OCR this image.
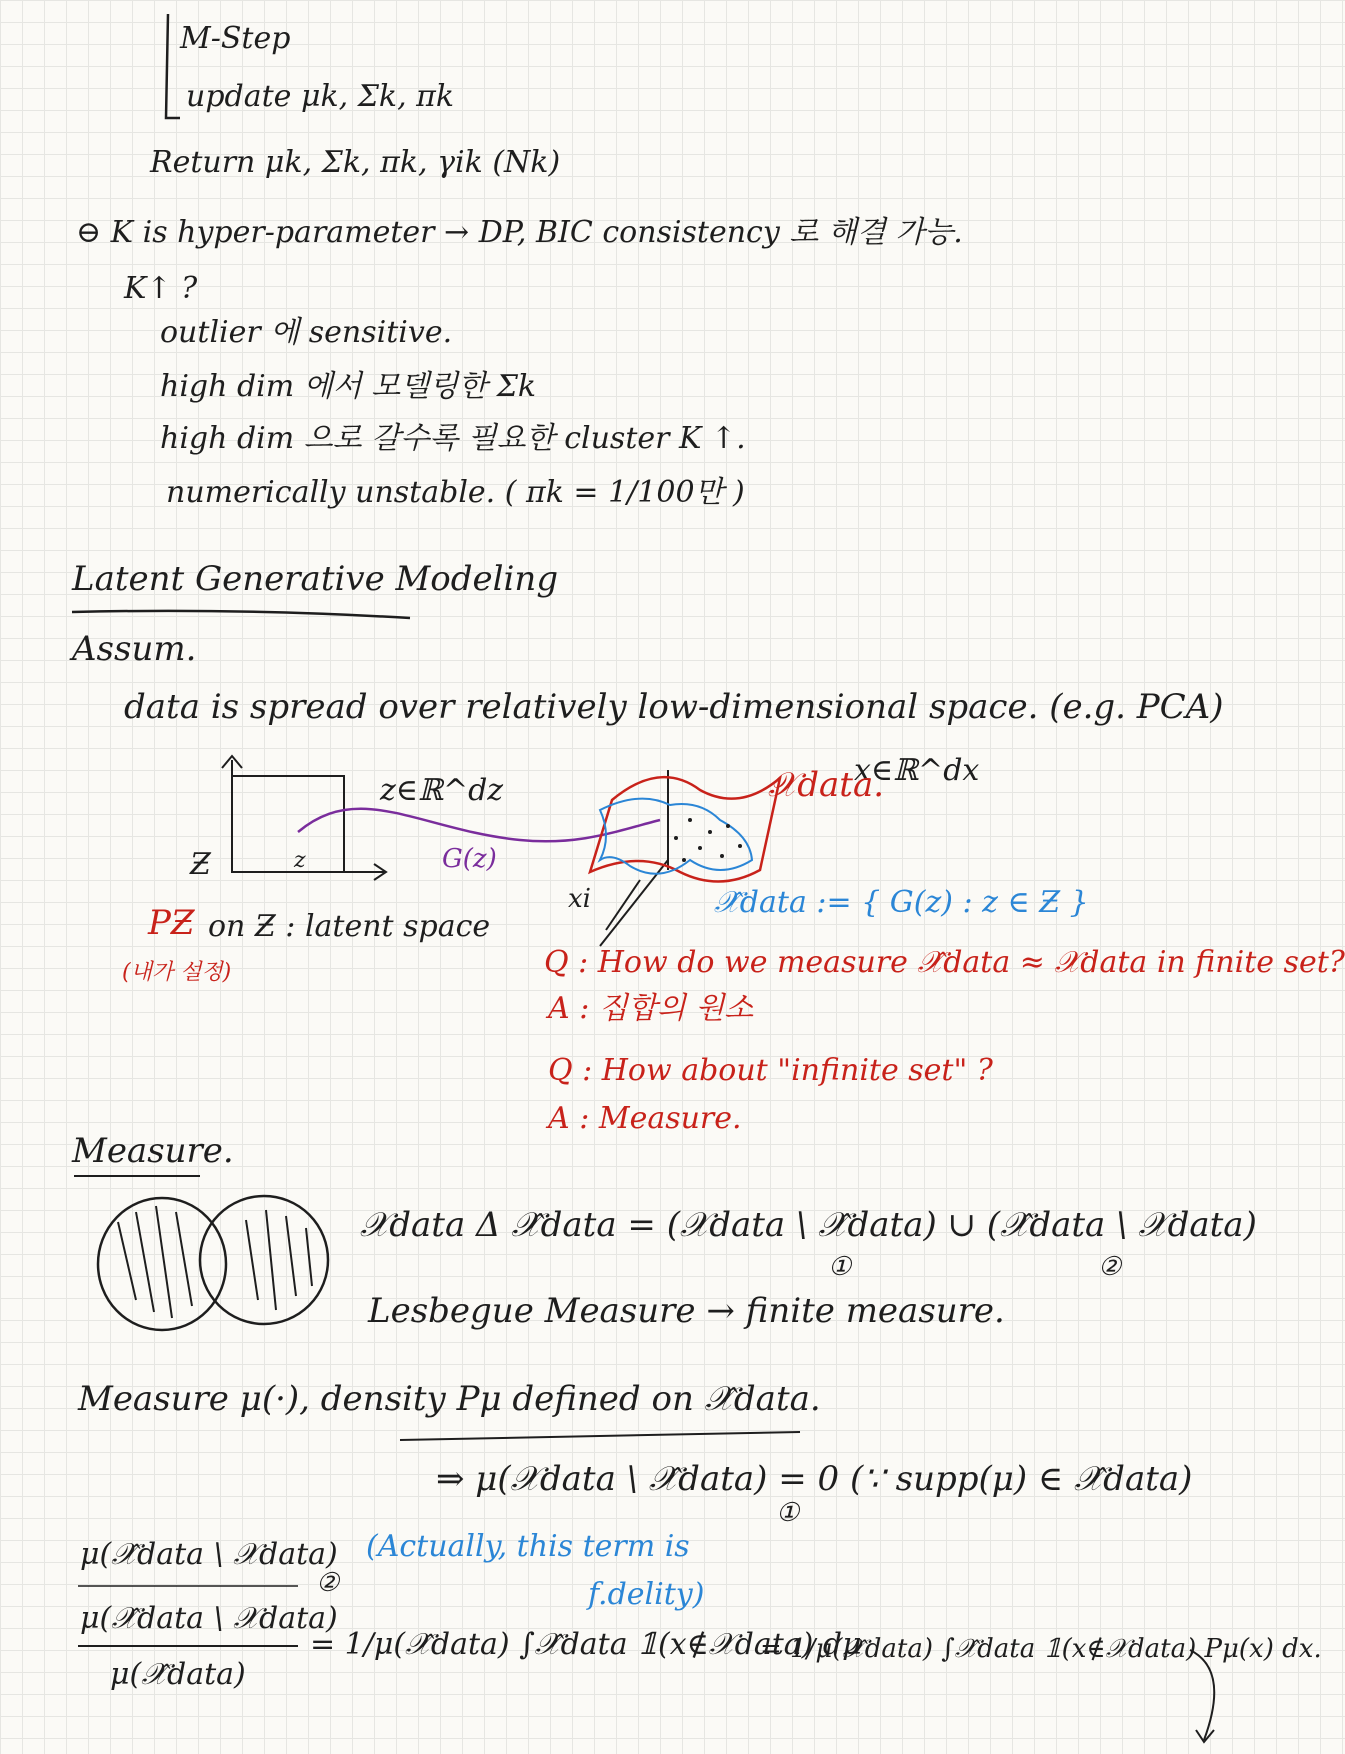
M-Step
update μk, Σk, πk
Return μk, Σk, πk, γik (Nk)
⊖ K is hyper-parameter → DP, BIC consistency 로 해결 가능.
K↑ ?
outlier 에 sensitive.
high dim 에서 모델링한 Σk
high dim 으로 갈수록 필요한 cluster K ↑.
numerically unstable. ( πk = 1/100만 )
Latent Generative Modeling
Assum.
data is spread over relatively low-dimensional space. (e.g. PCA)
z∈ℝ^dz
x∈ℝ^dx
Ƶ	z	G(z)
𝒳data.
xi	𝒳̂data := { G(z) : z ∈ Ƶ }
PƵ on Ƶ : latent space
(내가 설정)	Q : How do we measure 𝒳̂data ≈ 𝒳data in finite set?
A : 집합의 원소
Q : How about "infinite set" ?
A : Measure.
Measure.
𝒳data Δ 𝒳̂data = (𝒳data \ 𝒳̂data) ∪ (𝒳̂data \ 𝒳data)
①	②
Lesbegue Measure → finite measure.
Measure μ(·), density Pμ defined on 𝒳̂data.
⇒ μ(𝒳data \ 𝒳̂data) = 0 (∵ supp(μ) ∈ 𝒳̂data)
①
μ(𝒳̂data \ 𝒳data)
②
(Actually, this term is
f.delity)
μ(𝒳̂data \ 𝒳data)
μ(𝒳̂data)
= 1/μ(𝒳̂data) ∫𝒳̂data 𝟙(x∉𝒳data) dμ
= 1/μ(𝒳̂data) ∫𝒳̂data 𝟙(x∉𝒳data) Pμ(x) dx.
